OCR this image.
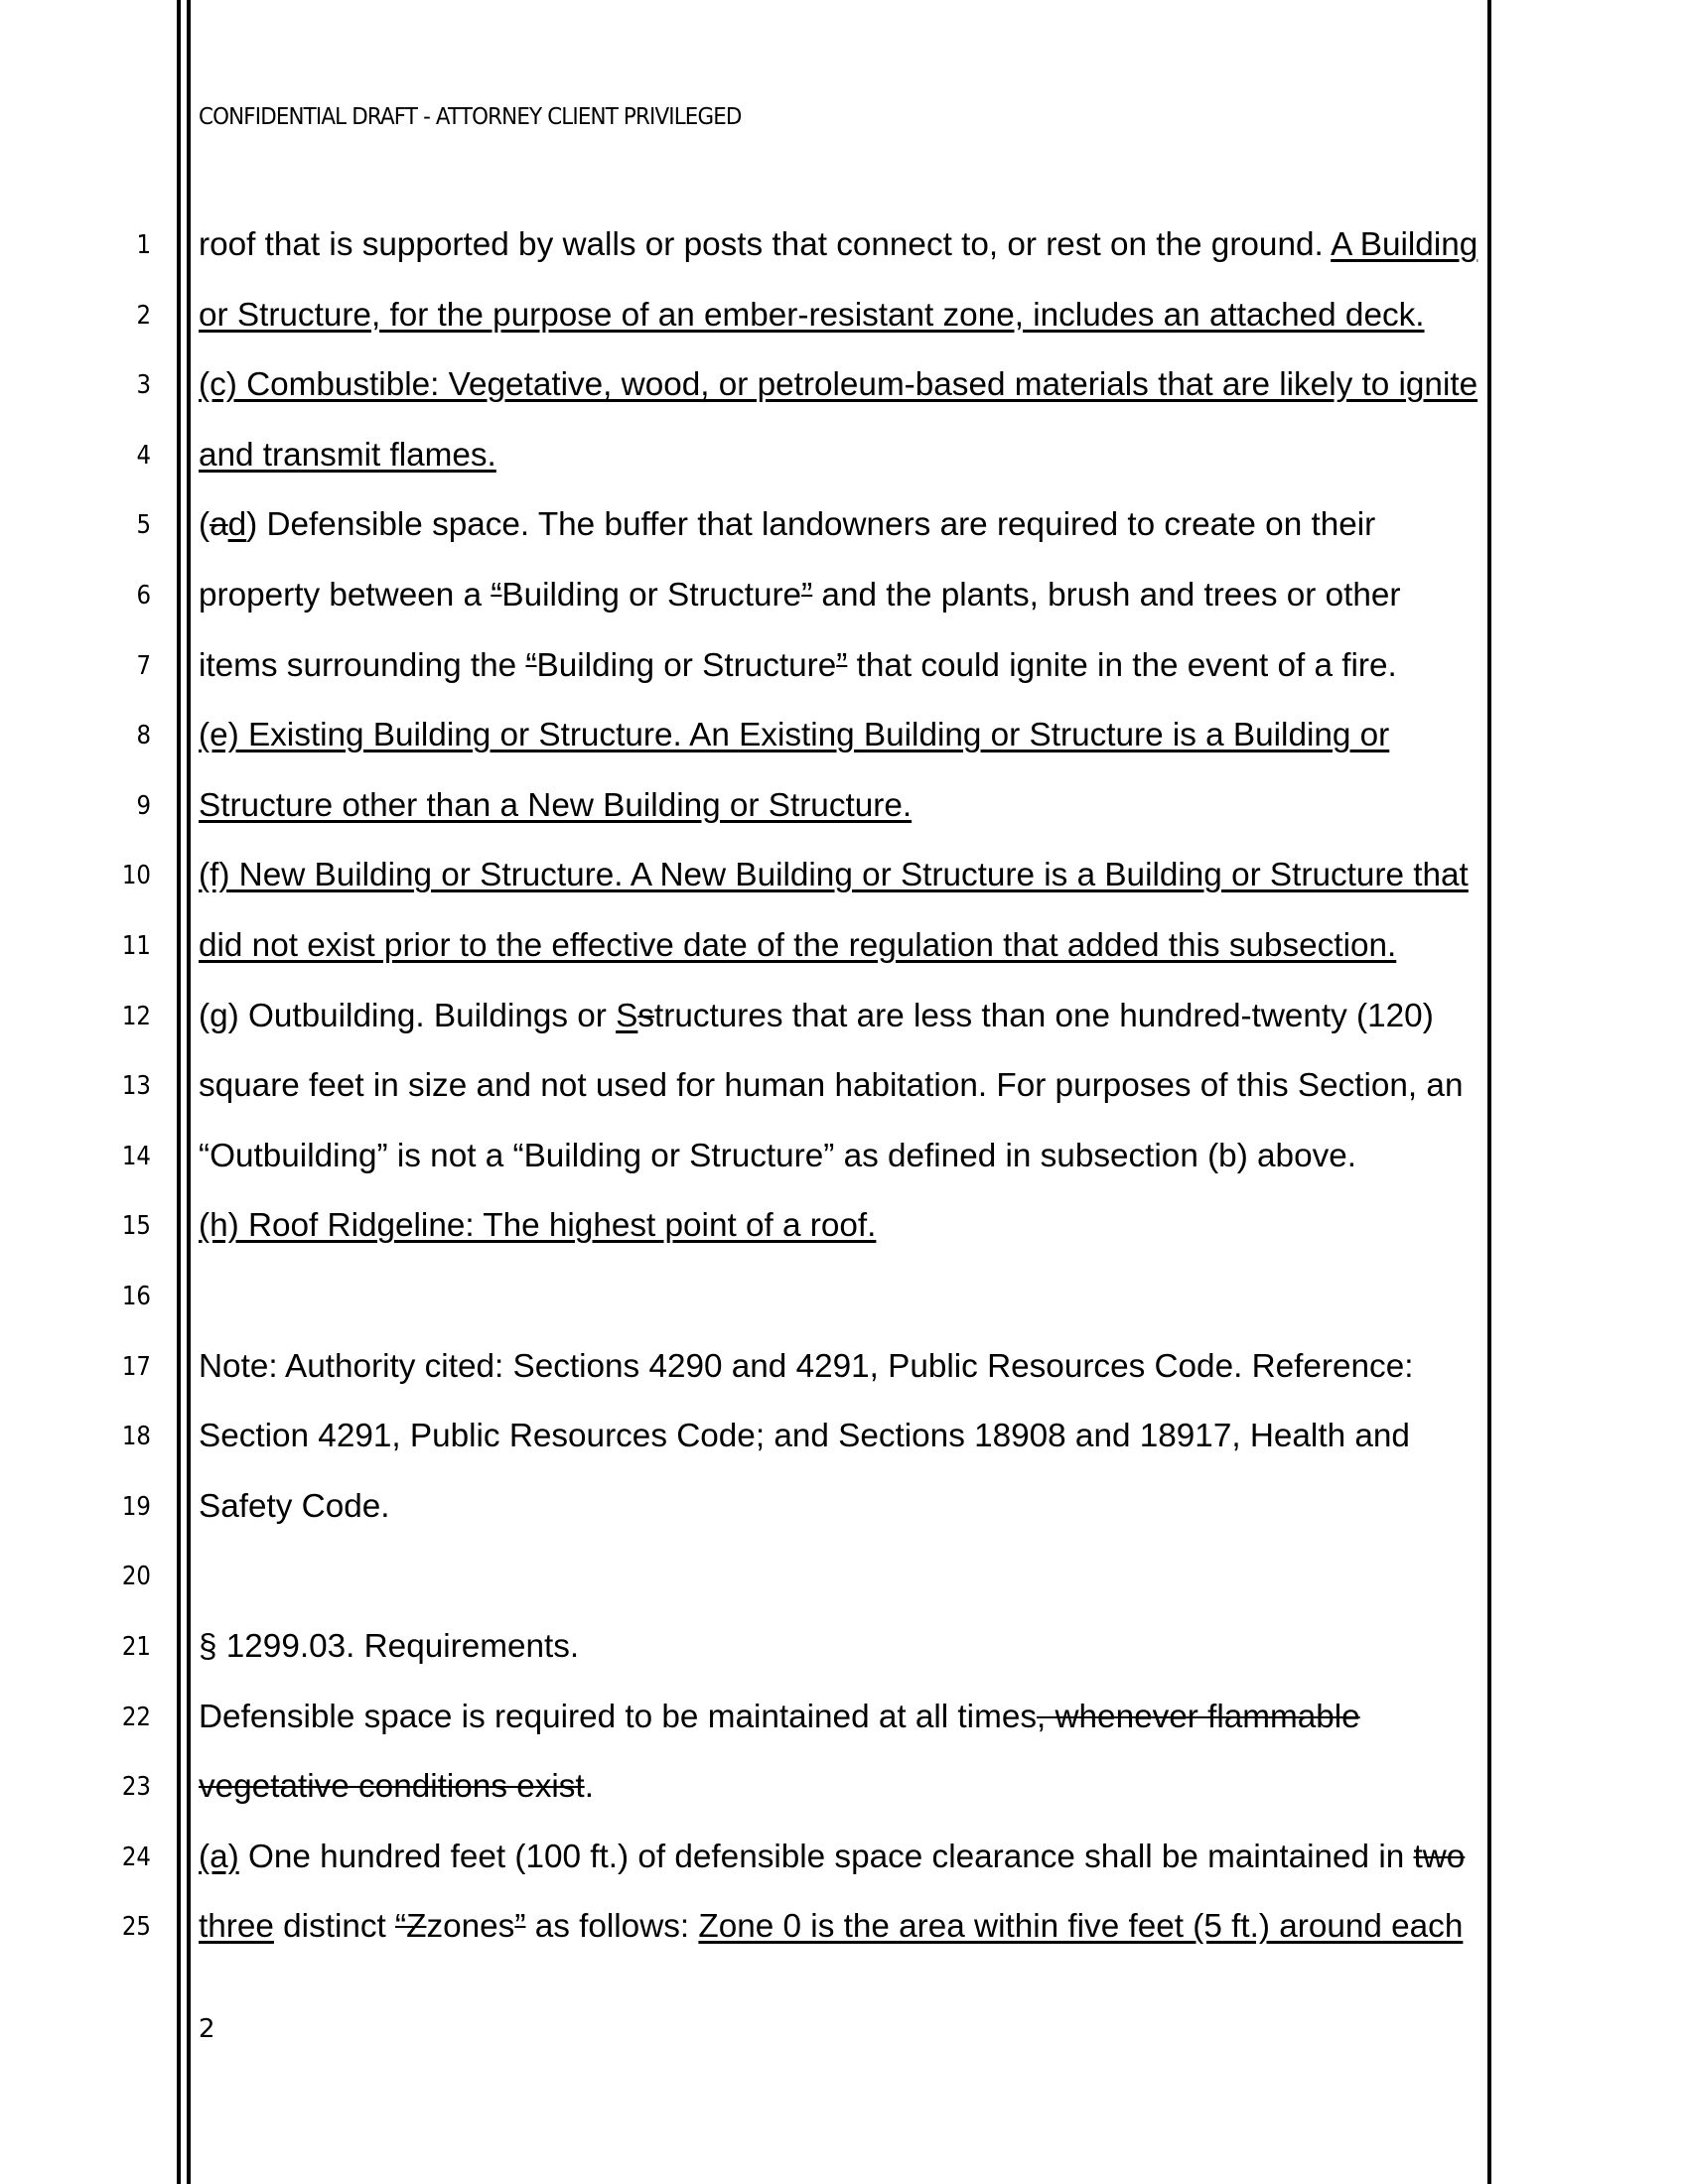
CONFIDENTIAL DRAFT - ATTORNEY CLIENT PRIVILEGED
1 roof that is supported by walls or posts that connect to, or rest on the ground. A Building
2 or Structure, for the purpose of an ember-resistant zone, includes an attached deck.
3 (c) Combustible: Vegetative, wood, or petroleum-based materials that are likely to ignite
4 and transmit flames.
5 (ad) Defensible space. The buffer that landowners are required to create on their
6 property between a “Building or Structure” and the plants, brush and trees or other
7 items surrounding the “Building or Structure” that could ignite in the event of a fire.
8 (e) Existing Building or Structure. An Existing Building or Structure is a Building or
9 Structure other than a New Building or Structure.
10 (f) New Building or Structure. A New Building or Structure is a Building or Structure that
11 did not exist prior to the effective date of the regulation that added this subsection.
12 (g) Outbuilding. Buildings or Sstructures that are less than one hundred-twenty (120)
13 square feet in size and not used for human habitation. For purposes of this Section, an
14 “Outbuilding” is not a “Building or Structure” as defined in subsection (b) above.
15 (h) Roof Ridgeline: The highest point of a roof.
16
17 Note: Authority cited: Sections 4290 and 4291, Public Resources Code. Reference:
18 Section 4291, Public Resources Code; and Sections 18908 and 18917, Health and
19 Safety Code.
20
21 § 1299.03. Requirements.
22 Defensible space is required to be maintained at all times, whenever flammable
23 vegetative conditions exist.
24 (a) One hundred feet (100 ft.) of defensible space clearance shall be maintained in two
25 three distinct “Zzones” as follows: Zone 0 is the area within five feet (5 ft.) around each
2
